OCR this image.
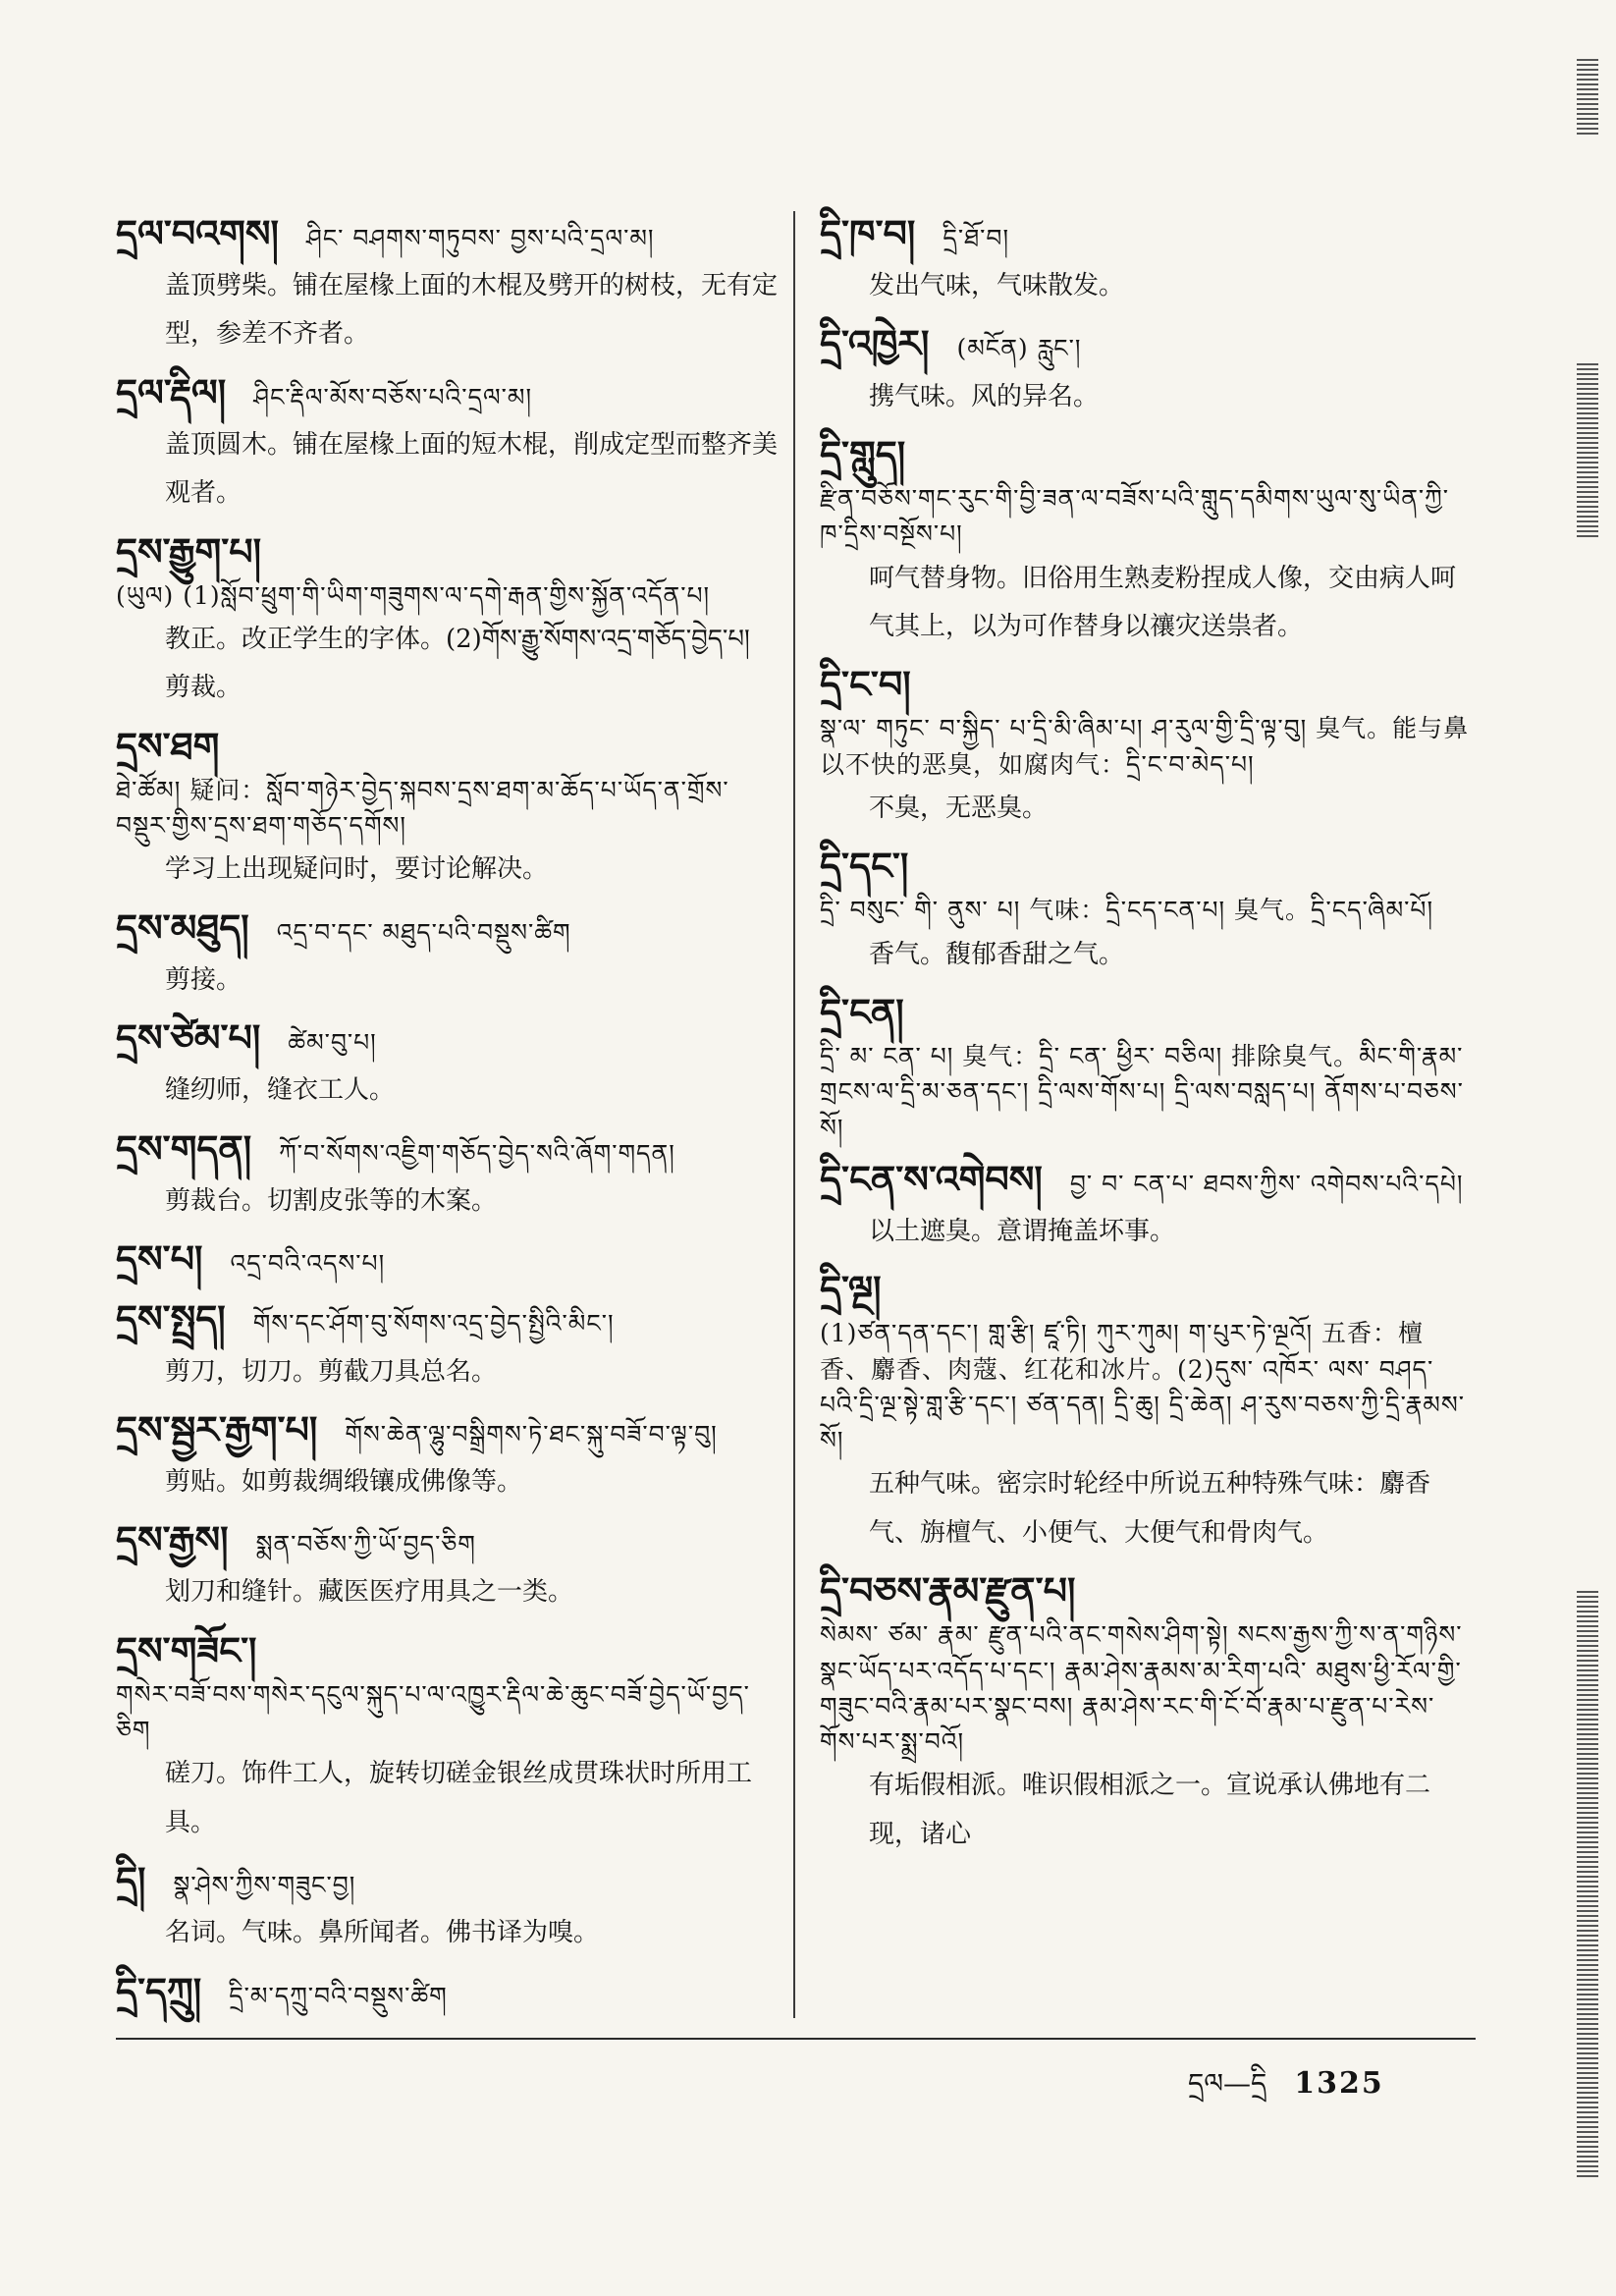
དྲལ་བའགས། ཤིང་ བཤགས་གཏུབས་ བྱས་པའི་དྲལ་མ།
盖顶劈柴。铺在屋椽上面的木棍及劈开的树枝，无有定型，参差不齐者。
དྲལ་རྡིལ། ཤིང་རྡིལ་མོས་བཅོས་པའི་དྲལ་མ།
盖顶圆木。铺在屋椽上面的短木棍，削成定型而整齐美观者。
དྲས་རྒྱུག་པ།
(ཡུལ) (1)སློབ་ཕྲུག་གི་ཡིག་གཟུགས་ལ་དགེ་རྒན་གྱིས་སྐྱོན་འདོན་པ།
教正。改正学生的字体。(2)གོས་རྒྱུ་སོགས་འདྲ་གཅོད་བྱེད་པ། 剪裁。
དྲས་ཐག
ཐེ་ཚོམ། 疑问：སློབ་གཉེར་བྱེད་སྐབས་དྲས་ཐག་མ་ཆོད་པ་ཡོད་ན་གྲོས་བསྡུར་གྱིས་དྲས་ཐག་གཅོད་དགོས།
学习上出现疑问时，要讨论解决。
དྲས་མཐུད། འདྲ་བ་དང་ མཐུད་པའི་བསྡུས་ཚིག
剪接。
དྲས་ཙེམ་པ། ཚེམ་བུ་པ།
缝纫师，缝衣工人。
དྲས་གདན། ཀོ་བ་སོགས་འཇྱིག་གཅོད་བྱེད་སའི་ཞོག་གདན།
剪裁台。切割皮张等的木案。
དྲས་པ། འདྲ་བའི་འདས་པ།
དྲས་སྤྲད། གོས་དང་ཤོག་བུ་སོགས་འདྲ་བྱེད་སྤྱིའི་མིང་།
剪刀，切刀。剪截刀具总名。
དྲས་སྦྱར་རྒྱག་པ། གོས་ཆེན་ལྷུ་བསྒྲིགས་ཏེ་ཐང་སྐུ་བཟོ་བ་ལྟ་བུ།
剪贴。如剪裁绸缎镶成佛像等。
དྲས་རྒྱས། སྨན་བཅོས་ཀྱི་ཡོ་བྱད་ཅིག
划刀和缝针。藏医医疗用具之一类。
དྲས་གཟོང་།
གསེར་བཟོ་བས་གསེར་དངུལ་སྐུད་པ་ལ་འཁྱུར་རྡིལ་ཆེ་ཆུང་བཟོ་བྱེད་ཡོ་བྱད་ཅིག
磋刀。饰件工人，旋转切磋金银丝成贯珠状时所用工具。
དྲི། སྣ་ཤེས་ཀྱིས་གཟུང་བྱ།
名词。气味。鼻所闻者。佛书译为嗅。
དྲི་དཀྲུ། དྲི་མ་དཀྲུ་བའི་བསྡུས་ཚིག
དྲི་ཁ་བ། དྲི་ཐོ་བ།
发出气味，气味散发。
དྲི་འཁྱེར། (མངོན) རླུང་།
携气味。风的异名。
དྲི་གླུད།
རྫིན་བཅོས་གང་རུང་གི་བྱི་ཟན་ལ་བཟོས་པའི་གླུད་དམིགས་ཡུལ་སུ་ཡིན་ཀྱི་ཁ་དྲིས་བསྔོས་པ།
呵气替身物。旧俗用生熟麦粉捏成人像，交由病人呵气其上，以为可作替身以禳灾送祟者。
དྲི་ང་བ།
སྣ་ལ་ གཏུང་ བ་སྐྱིད་ པ་དྲི་མི་ཞིམ་པ། ཤ་རུལ་གྱི་དྲི་ལྟ་བུ། 臭气。能与鼻以不快的恶臭，如腐肉气：དྲི་ང་བ་མེད་པ།
不臭，无恶臭。
དྲི་དང་།
དྲི་ བསུང་ གི་ ནུས་ པ། 气味：དྲི་ངད་ངན་པ། 臭气。དྲི་ངད་ཞིམ་པོ།
香气。馥郁香甜之气。
དྲི་ངན།
དྲི་ མ་ ངན་ པ། 臭气：དྲི་ ངན་ ཕྱིར་ བཅིལ། 排除臭气。མིང་གི་རྣམ་གྲངས་ལ་དྲི་མ་ཅན་དང་། དྲི་ལས་གོས་པ། དྲི་ལས་བསླད་པ། ནོགས་པ་བཅས་སོ།
དྲི་ངན་ས་འགེབས། བྱ་ བ་ ངན་པ་ ཐབས་ཀྱིས་ འགེབས་པའི་དཔེ།
以土遮臭。意谓掩盖坏事。
དྲི་ལྔ།
(1)ཙན་དན་དང་། གླ་རྩི། ཛཱ་ཏི། ཀུར་ཀུམ། ག་པུར་ཏེ་ལྔའོ། 五香：檀香、麝香、肉蔻、红花和冰片。(2)དུས་ འཁོར་ ལས་ བཤད་པའི་དྲི་ལྔ་སྟེ་གླ་རྩི་དང་། ཙན་དན། དྲི་ཆུ། དྲི་ཆེན། ཤ་རུས་བཅས་ཀྱི་དྲི་རྣམས་སོ།
五种气味。密宗时轮经中所说五种特殊气味：麝香气、旃檀气、小便气、大便气和骨肉气。
དྲི་བཅས་རྣམ་རྫུན་པ།
སེམས་ ཙམ་ རྣམ་ རྫུན་པའི་ནང་གསེས་ཤིག་སྟེ། སངས་རྒྱས་ཀྱི་ས་ན་གཉིས་སྣང་ཡོད་པར་འདོད་པ་དང་། རྣམ་ཤེས་རྣམས་མ་རིག་པའི་ མཐུས་ཕྱི་རོལ་གྱི་གཟུང་བའི་རྣམ་པར་སྣང་བས། རྣམ་ཤེས་རང་གི་ངོ་བོ་རྣམ་པ་རྫུན་པ་རེས་གོས་པར་སྨྲ་བའོ།
有垢假相派。唯识假相派之一。宣说承认佛地有二现，诸心
དྲལ—དྲི 1325
